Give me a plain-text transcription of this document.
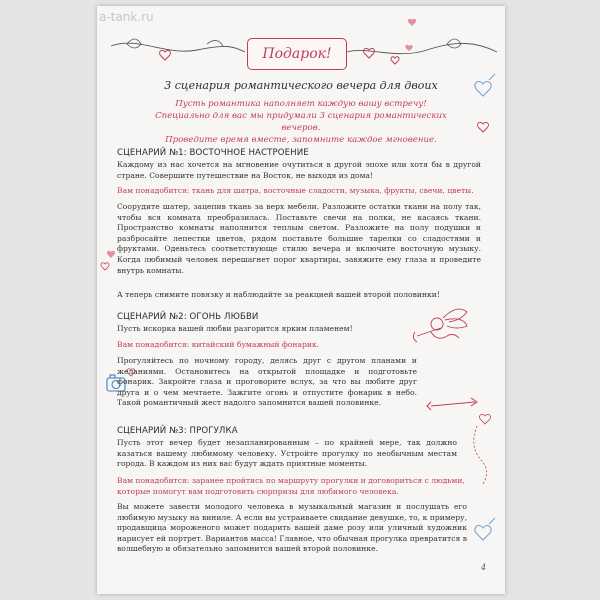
Подарок!
3 сценария романтического вечера для двоих

Пусть романтика наполняет каждую вашу встречу!

Специально для вас мы придумали 3 сценария романтических вечеров.

Проведите время вместе, запомните каждое мгновение.

СЦЕНАРИЙ №1: ВОСТОЧНОЕ НАСТРОЕНИЕ
Каждому из нас хочется на мгновение очутиться в другой эпохе или хотя бы в другой стране. Совершите путешествие на Восток, не выходя из дома!
Вам понадобится: ткань для шатра, восточные сладости, музыка, фрукты, свечи, цветы.
Соорудите шатер, зацепив ткань за верх мебели. Разложите остатки ткани на полу так, чтобы вся комната преобразилась. Поставьте свечи на полки, не касаясь ткани. Пространство комнаты наполнится теплым светом. Разложите на полу подушки и разбросайте лепестки цветов, рядом поставьте большие тарелки со сладостями и фруктами. Оденьтесь соответствующе стилю вечера и включите восточную музыку. Когда любимый человек перешагнет порог квартиры, завяжите ему глаза и проведите внутрь комнаты.
А теперь снимите повязку и наблюдайте за реакцией вашей второй половинки!
СЦЕНАРИЙ №2: ОГОНЬ ЛЮБВИ
Пусть искорка вашей любви разгорится ярким пламенем!
Вам понадобится: китайский бумажный фонарик.
Прогуляйтесь по ночному городу, делясь друг с другом планами и желаниями. Остановитесь на открытой площадке и подготовьте фонарик. Закройте глаза и проговорите вслух, за что вы любите друг друга и о чем мечтаете. Зажгите огонь и отпустите фонарик в небо. Такой романтичный жест надолго запомнится вашей половинке.
СЦЕНАРИЙ №3: ПРОГУЛКА
Пусть этот вечер будет незапланированным – по крайней мере, так должно казаться вашему любимому человеку. Устройте прогулку по необычным местам города. В каждом из них вас будут ждать приятные моменты.
Вам понадобится: заранее пройтись по маршруту прогулки и договориться с людьми, которые помогут вам подготовить сюрпризы для любимого человека.
Вы можете завести молодого человека в музыкальный магазин и послушать его любимую музыку на виниле. А если вы устраиваете свидание девушке, то, к примеру, продавщица мороженого может подарить вашей даме розу или уличный художник нарисует ей портрет. Вариантов масса! Главное, что обычная прогулка превратится в волшебную и обязательно запомнится вашей второй половинке.
4
a-tank.ru
